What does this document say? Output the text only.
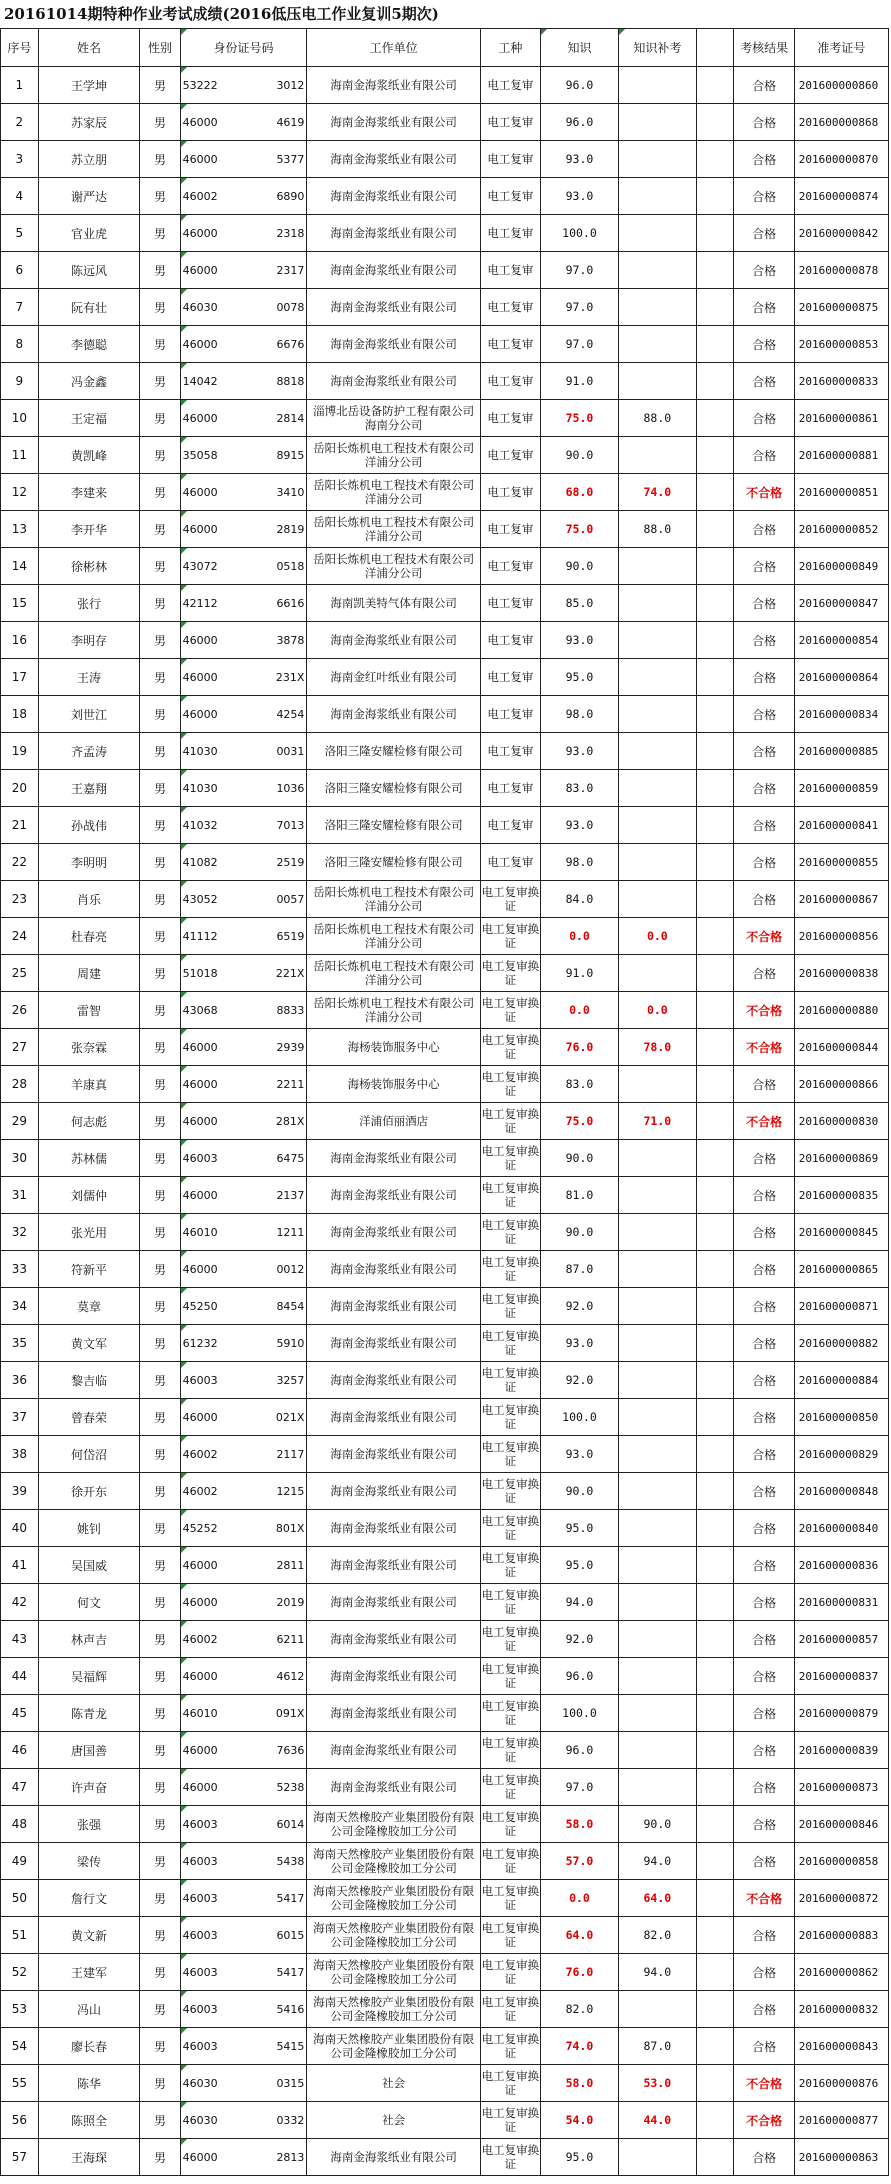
20161014期特种作业考试成绩(2016低压电工作业复训5期次)
序号	姓名	性别	身份证号码	工作单位	工种	知识	知识补考		考核结果	准考证号
1	王学坤	男	53222 3012	海南金海浆纸业有限公司	电工复审	96.0			合格	201600000860
2	苏家辰	男	46000 4619	海南金海浆纸业有限公司	电工复审	96.0			合格	201600000868
3	苏立朋	男	46000 5377	海南金海浆纸业有限公司	电工复审	93.0			合格	201600000870
4	谢严达	男	46002 6890	海南金海浆纸业有限公司	电工复审	93.0			合格	201600000874
5	官业虎	男	46000 2318	海南金海浆纸业有限公司	电工复审	100.0			合格	201600000842
6	陈远风	男	46000 2317	海南金海浆纸业有限公司	电工复审	97.0			合格	201600000878
7	阮有壮	男	46030 0078	海南金海浆纸业有限公司	电工复审	97.0			合格	201600000875
8	李德聪	男	46000 6676	海南金海浆纸业有限公司	电工复审	97.0			合格	201600000853
9	冯金鑫	男	14042 8818	海南金海浆纸业有限公司	电工复审	91.0			合格	201600000833
10	王定福	男	46000 2814	淄博北岳设备防护工程有限公司海南分公司	电工复审	75.0	88.0		合格	201600000861
11	黄凯峰	男	35058 8915	岳阳长炼机电工程技术有限公司洋浦分公司	电工复审	90.0			合格	201600000881
12	李建来	男	46000 3410	岳阳长炼机电工程技术有限公司洋浦分公司	电工复审	68.0	74.0		不合格	201600000851
13	李开华	男	46000 2819	岳阳长炼机电工程技术有限公司洋浦分公司	电工复审	75.0	88.0		合格	201600000852
14	徐彬林	男	43072 0518	岳阳长炼机电工程技术有限公司洋浦分公司	电工复审	90.0			合格	201600000849
15	张行	男	42112 6616	海南凯美特气体有限公司	电工复审	85.0			合格	201600000847
16	李明存	男	46000 3878	海南金海浆纸业有限公司	电工复审	93.0			合格	201600000854
17	王涛	男	46000 231X	海南金红叶纸业有限公司	电工复审	95.0			合格	201600000864
18	刘世江	男	46000 4254	海南金海浆纸业有限公司	电工复审	98.0			合格	201600000834
19	齐孟涛	男	41030 0031	洛阳三隆安耀检修有限公司	电工复审	93.0			合格	201600000885
20	王嘉翔	男	41030 1036	洛阳三隆安耀检修有限公司	电工复审	83.0			合格	201600000859
21	孙战伟	男	41032 7013	洛阳三隆安耀检修有限公司	电工复审	93.0			合格	201600000841
22	李明明	男	41082 2519	洛阳三隆安耀检修有限公司	电工复审	98.0			合格	201600000855
23	肖乐	男	43052 0057	岳阳长炼机电工程技术有限公司洋浦分公司	电工复审换证	84.0			合格	201600000867
24	杜春亮	男	41112 6519	岳阳长炼机电工程技术有限公司洋浦分公司	电工复审换证	0.0	0.0		不合格	201600000856
25	周建	男	51018 221X	岳阳长炼机电工程技术有限公司洋浦分公司	电工复审换证	91.0			合格	201600000838
26	雷智	男	43068 8833	岳阳长炼机电工程技术有限公司洋浦分公司	电工复审换证	0.0	0.0		不合格	201600000880
27	张奈霖	男	46000 2939	海杨装饰服务中心	电工复审换证	76.0	78.0		不合格	201600000844
28	羊康真	男	46000 2211	海杨装饰服务中心	电工复审换证	83.0			合格	201600000866
29	何志彪	男	46000 281X	洋浦佰丽酒店	电工复审换证	75.0	71.0		不合格	201600000830
30	苏林儒	男	46003 6475	海南金海浆纸业有限公司	电工复审换证	90.0			合格	201600000869
31	刘儒仲	男	46000 2137	海南金海浆纸业有限公司	电工复审换证	81.0			合格	201600000835
32	张光用	男	46010 1211	海南金海浆纸业有限公司	电工复审换证	90.0			合格	201600000845
33	符新平	男	46000 0012	海南金海浆纸业有限公司	电工复审换证	87.0			合格	201600000865
34	莫章	男	45250 8454	海南金海浆纸业有限公司	电工复审换证	92.0			合格	201600000871
35	黄文军	男	61232 5910	海南金海浆纸业有限公司	电工复审换证	93.0			合格	201600000882
36	黎吉临	男	46003 3257	海南金海浆纸业有限公司	电工复审换证	92.0			合格	201600000884
37	曾春荣	男	46000 021X	海南金海浆纸业有限公司	电工复审换证	100.0			合格	201600000850
38	何岱沼	男	46002 2117	海南金海浆纸业有限公司	电工复审换证	93.0			合格	201600000829
39	徐开东	男	46002 1215	海南金海浆纸业有限公司	电工复审换证	90.0			合格	201600000848
40	姚钊	男	45252 801X	海南金海浆纸业有限公司	电工复审换证	95.0			合格	201600000840
41	吴国威	男	46000 2811	海南金海浆纸业有限公司	电工复审换证	95.0			合格	201600000836
42	何文	男	46000 2019	海南金海浆纸业有限公司	电工复审换证	94.0			合格	201600000831
43	林声吉	男	46002 6211	海南金海浆纸业有限公司	电工复审换证	92.0			合格	201600000857
44	吴福辉	男	46000 4612	海南金海浆纸业有限公司	电工复审换证	96.0			合格	201600000837
45	陈青龙	男	46010 091X	海南金海浆纸业有限公司	电工复审换证	100.0			合格	201600000879
46	唐国善	男	46000 7636	海南金海浆纸业有限公司	电工复审换证	96.0			合格	201600000839
47	许声奋	男	46000 5238	海南金海浆纸业有限公司	电工复审换证	97.0			合格	201600000873
48	张强	男	46003 6014	海南天然橡胶产业集团股份有限公司金隆橡胶加工分公司	电工复审换证	58.0	90.0		合格	201600000846
49	梁传	男	46003 5438	海南天然橡胶产业集团股份有限公司金隆橡胶加工分公司	电工复审换证	57.0	94.0		合格	201600000858
50	詹行文	男	46003 5417	海南天然橡胶产业集团股份有限公司金隆橡胶加工分公司	电工复审换证	0.0	64.0		不合格	201600000872
51	黄文新	男	46003 6015	海南天然橡胶产业集团股份有限公司金隆橡胶加工分公司	电工复审换证	64.0	82.0		合格	201600000883
52	王建军	男	46003 5417	海南天然橡胶产业集团股份有限公司金隆橡胶加工分公司	电工复审换证	76.0	94.0		合格	201600000862
53	冯山	男	46003 5416	海南天然橡胶产业集团股份有限公司金隆橡胶加工分公司	电工复审换证	82.0			合格	201600000832
54	廖长春	男	46003 5415	海南天然橡胶产业集团股份有限公司金隆橡胶加工分公司	电工复审换证	74.0	87.0		合格	201600000843
55	陈华	男	46030 0315	社会	电工复审换证	58.0	53.0		不合格	201600000876
56	陈照全	男	46030 0332	社会	电工复审换证	54.0	44.0		不合格	201600000877
57	王海琛	男	46000 2813	海南金海浆纸业有限公司	电工复审换证	95.0			合格	201600000863
